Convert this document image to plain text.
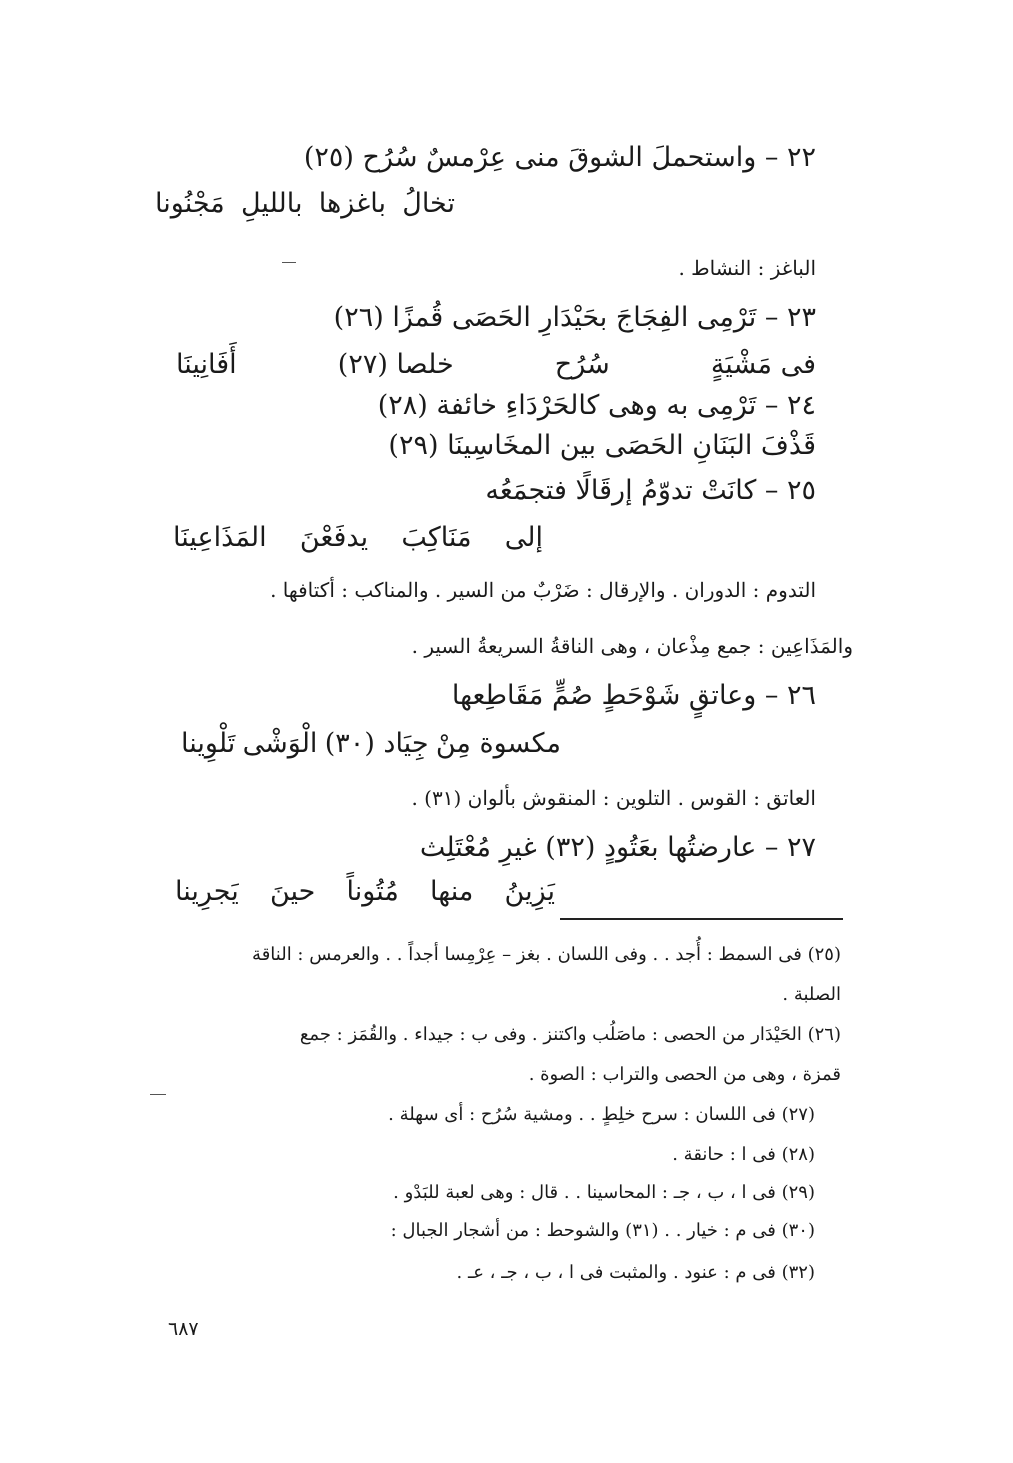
٢٢ – واستحملَ الشوقَ منى عِرْمسٌ سُرُح (٢٥)
تخالُ
باغزها
بالليلِ
مَجْنُونا
الباغز : النشاط .
٢٣ – تَرْمِى الفِجَاجَ بحَيْدَارِ الحَصَى قُمزًا (٢٦)
فى مَشْيَةٍ
سُرُح
خلصا (٢٧)
أَفَانِينَا
٢٤ – تَرْمِى به وهى كالحَرْدَاءِ خائفة (٢٨)
قَذْفَ البَنَانِ الحَصَى بين المخَاسِينَا (٢٩)
٢٥ – كانَتْ تدوّمُ إرقَالًا فتجمَعُه
إلى
مَنَاكِبَ
يدفَعْنَ
المَذَاعِينَا
التدوم : الدوران . والإرقال : ضَرْبٌ من السير . والمناكب : أكتافها .
والمَذَاعِين : جمع مِذْعان ، وهى الناقةُ السريعةُ السير .
٢٦ – وعاتقٍ شَوْحَطٍ صُمٍّ مَقَاطِعها
مكسوة مِنْ
جِيَاد (٣٠)
الْوَشْى
تَلْوِينا
العاتق : القوس . التلوين : المنقوش بألوان (٣١) .
٢٧ – عارضتُها بعَتُودٍ (٣٢) غيرِ مُعْتَلِث
يَزِينُ
منها
مُتُوناً
حينَ
يَجرِينا
(٢٥) فى السمط : أُجد . . وفى اللسان . بغز – عِرْمِسا أجداً . . والعرمس : الناقة
الصلبة .
(٢٦) الحَيْدَار من الحصى : ماصَلُب واكتنز . وفى ب : جيداء . والقُمَز : جمع
قمزة ، وهى من الحصى والتراب : الصوة .
(٢٧) فى اللسان : سرح خلِطٍ . . ومشية سُرُح : أى سهلة .
(٢٨) فى ا : حانقة .
(٢٩) فى ا ، ب ، جـ : المحاسينا . . قال : وهى لعبة للبَدْو .
(٣٠) فى م : خيار . . (٣١) والشوحط : من أشجار الجبال :
(٣٢) فى م : عنود . والمثبت فى ا ، ب ، جـ ، عـ .
٦٨٧
